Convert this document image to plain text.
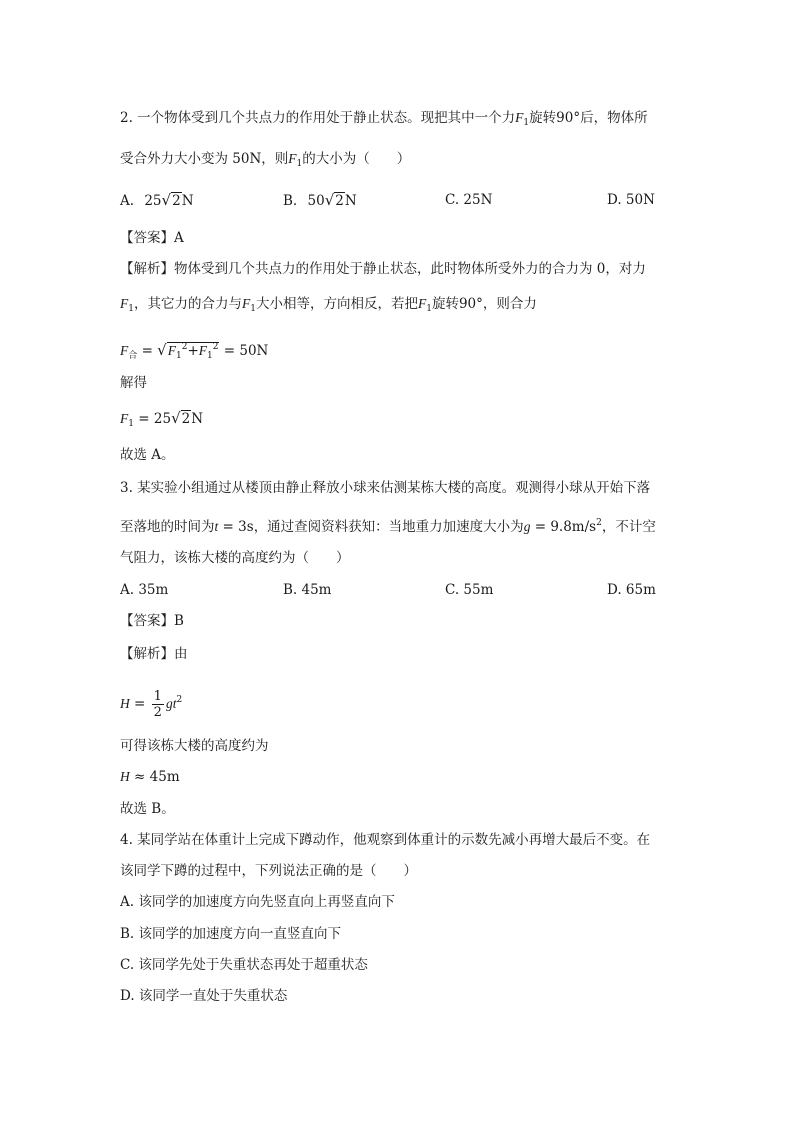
2. 一个物体受到几个共点力的作用处于静止状态。现把其中一个力$F_1$旋转90°后，物体所
受合外力大小变为 50N，则$F_1$的大小为（　　）
A. 25√2N	B. 50√2N	C. 25N	D. 50N
【答案】A
【解析】物体受到几个共点力的作用处于静止状态，此时物体所受外力的合力为 0，对力
$F_1$，其它力的合力与$F_1$大小相等，方向相反，若把$F_1$旋转90°，则合力
$F_合 = √F_1^2+F_1^2 = 50N$
解得
$F_1 = 25√2N$
故选 A。
3. 某实验小组通过从楼顶由静止释放小球来估测某栋大楼的高度。观测得小球从开始下落
至落地的时间为t = 3s，通过查阅资料获知：当地重力加速度大小为$g = 9.8m/s^2$，不计空
气阻力，该栋大楼的高度约为（　　）
A. 35m	B. 45m	C. 55m	D. 65m
【答案】B
【解析】由
$H = \frac{1}{2} gt^2$
可得该栋大楼的高度约为
H ≈ 45m
故选 B。
4. 某同学站在体重计上完成下蹲动作，他观察到体重计的示数先减小再增大最后不变。在
该同学下蹲的过程中，下列说法正确的是（　　）
A. 该同学的加速度方向先竖直向上再竖直向下
B. 该同学的加速度方向一直竖直向下
C. 该同学先处于失重状态再处于超重状态
D. 该同学一直处于失重状态
